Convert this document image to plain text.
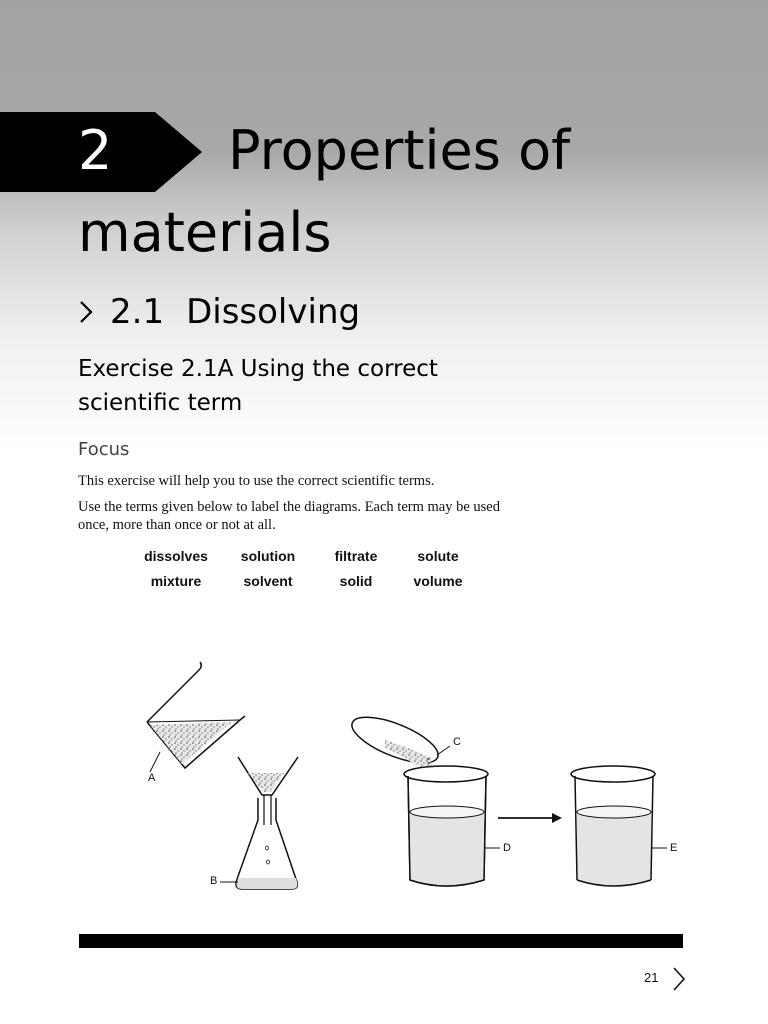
2 Properties of
materials
2.1 Dissolving
Exercise 2.1A Using the correct scientific term
Focus
This exercise will help you to use the correct scientific terms.
Use the terms given below to label the diagrams. Each term may be used once, more than once or not at all.
dissolves	solution	filtrate	solute
mixture	solvent	solid	volume
A
B
C
D	E
21
